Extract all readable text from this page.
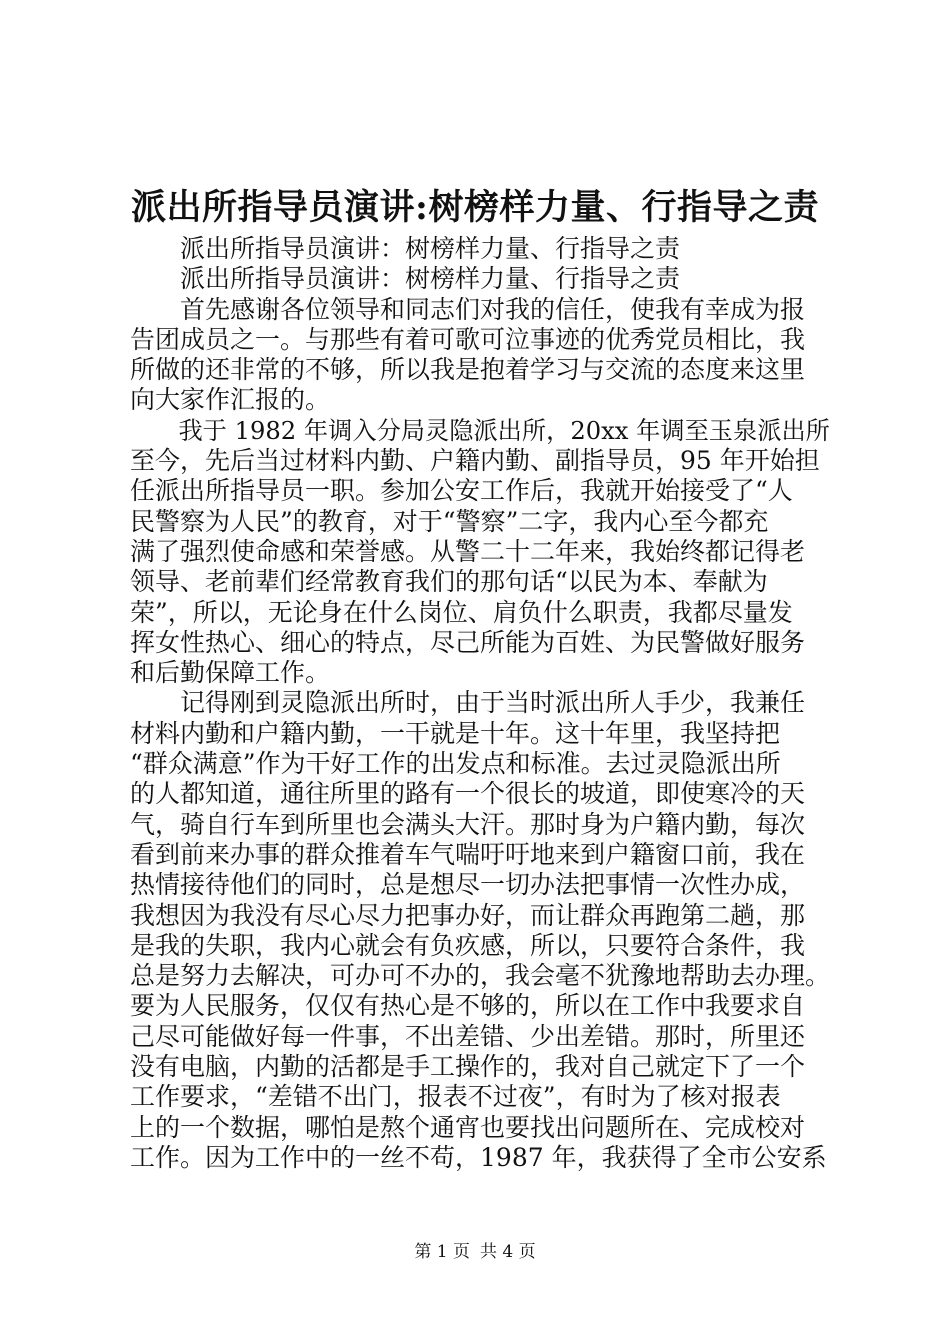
派出所指导员演讲:树榜样力量、行指导之责
　　派出所指导员演讲：树榜样力量、行指导之责
　　派出所指导员演讲：树榜样力量、行指导之责
　　首先感谢各位领导和同志们对我的信任，使我有幸成为报
告团成员之一。与那些有着可歌可泣事迹的优秀党员相比，我
所做的还非常的不够，所以我是抱着学习与交流的态度来这里
向大家作汇报的。
　　我于 1982 年调入分局灵隐派出所，20xx 年调至玉泉派出所
至今，先后当过材料内勤、户籍内勤、副指导员，95 年开始担
任派出所指导员一职。参加公安工作后，我就开始接受了“人
民警察为人民”的教育，对于“警察”二字，我内心至今都充
满了强烈使命感和荣誉感。从警二十二年来，我始终都记得老
领导、老前辈们经常教育我们的那句话“以民为本、奉献为
荣”，所以，无论身在什么岗位、肩负什么职责，我都尽量发
挥女性热心、细心的特点，尽己所能为百姓、为民警做好服务
和后勤保障工作。
　　记得刚到灵隐派出所时，由于当时派出所人手少，我兼任
材料内勤和户籍内勤，一干就是十年。这十年里，我坚持把
“群众满意”作为干好工作的出发点和标准。去过灵隐派出所
的人都知道，通往所里的路有一个很长的坡道，即使寒冷的天
气，骑自行车到所里也会满头大汗。那时身为户籍内勤，每次
看到前来办事的群众推着车气喘吁吁地来到户籍窗口前，我在
热情接待他们的同时，总是想尽一切办法把事情一次性办成，
我想因为我没有尽心尽力把事办好，而让群众再跑第二趟，那
是我的失职，我内心就会有负疚感，所以，只要符合条件，我
总是努力去解决，可办可不办的，我会毫不犹豫地帮助去办理。
要为人民服务，仅仅有热心是不够的，所以在工作中我要求自
己尽可能做好每一件事，不出差错、少出差错。那时，所里还
没有电脑，内勤的活都是手工操作的，我对自己就定下了一个
工作要求，“差错不出门，报表不过夜”，有时为了核对报表
上的一个数据，哪怕是熬个通宵也要找出问题所在、完成校对
工作。因为工作中的一丝不苟，1987 年，我获得了全市公安系
第 1 页 共 4 页
